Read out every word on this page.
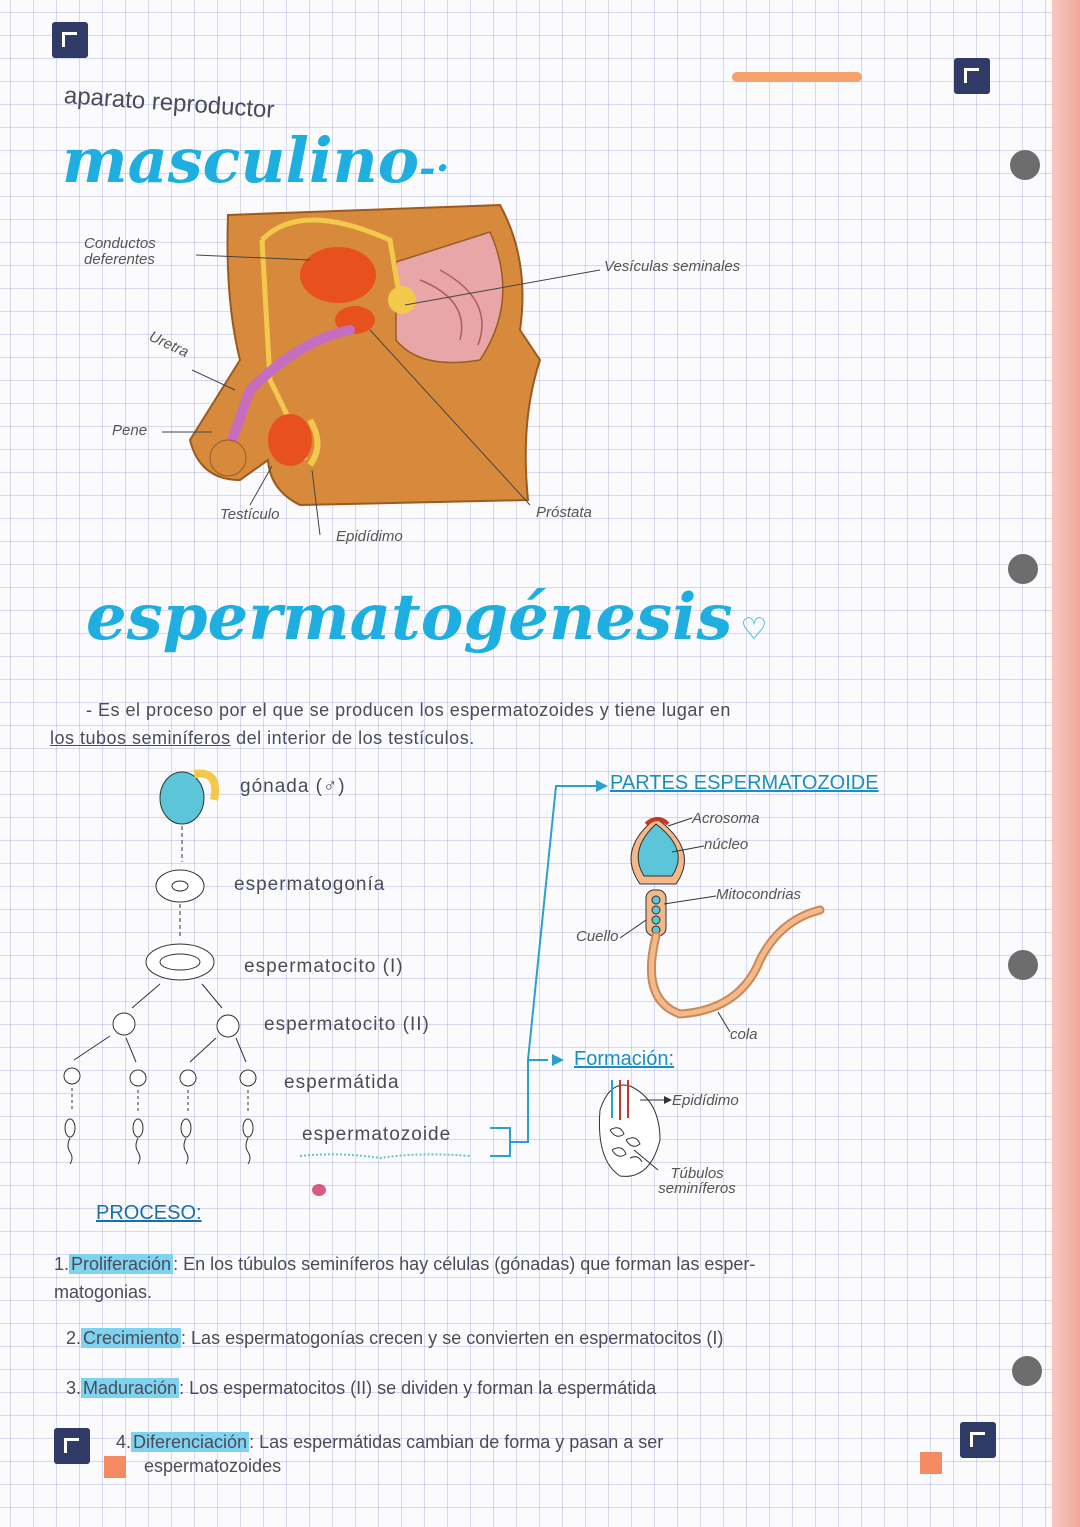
aparato reproductor
masculino-·
Conductos deferentes
Uretra
Pene
Testículo
Epidídimo
Próstata
Vesículas seminales
espermatogénesis ♡
- Es el proceso por el que se producen los espermatozoides y tiene lugar en
los tubos seminíferos del interior de los testículos.
gónada (♂)
espermatogonía
espermatocito (I)
espermatocito (II)
espermátida
espermatozoide
PARTES ESPERMATOZOIDE
Acrosoma
núcleo
Mitocondrias
Cuello
cola
Formación:
Epidídimo
Túbulos seminíferos
PROCESO:
1. Proliferación : En los túbulos seminíferos hay células (gónadas) que forman las esper-
matogonias.
2. Crecimiento : Las espermatogonías crecen y se convierten en espermatocitos (I)
3. Maduración : Los espermatocitos (II) se dividen y forman la espermátida
4. Diferenciación : Las espermátidas cambian de forma y pasan a ser
espermatozoides
